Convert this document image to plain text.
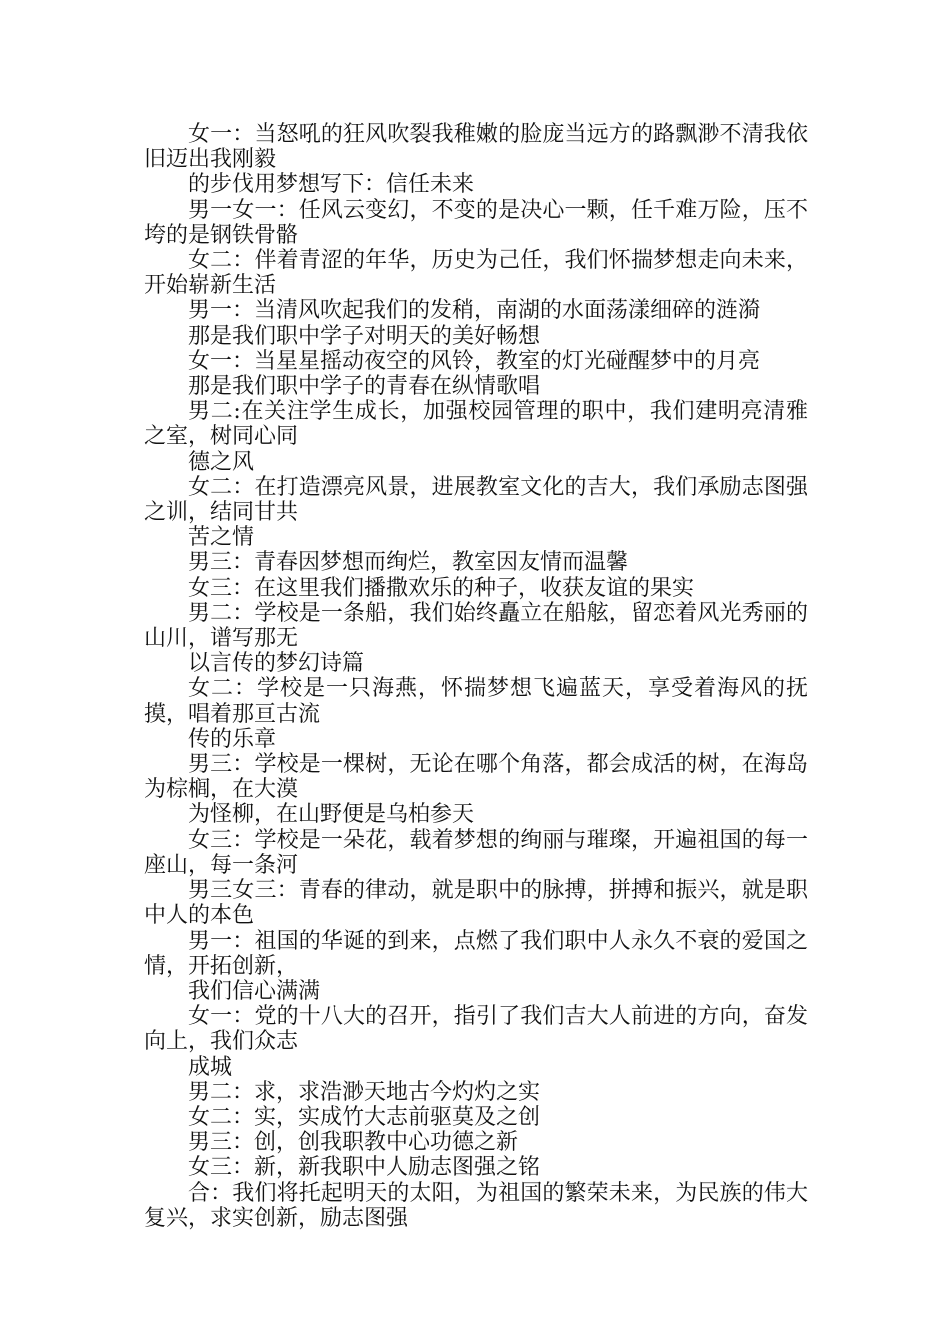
女一：当怒吼的狂风吹裂我稚嫩的脸庞当远方的路飘渺不清我依旧迈出我刚毅

的步伐用梦想写下：信任未来

男一女一：任风云变幻，不变的是决心一颗，任千难万险，压不垮的是钢铁骨骼

女二：伴着青涩的年华，历史为己任，我们怀揣梦想走向未来，开始崭新生活

男一：当清风吹起我们的发稍，南湖的水面荡漾细碎的涟漪

那是我们职中学子对明天的美好畅想

女一：当星星摇动夜空的风铃，教室的灯光碰醒梦中的月亮

那是我们职中学子的青春在纵情歌唱

男二:在关注学生成长，加强校园管理的职中，我们建明亮清雅之室，树同心同

德之风

女二：在打造漂亮风景，进展教室文化的吉大，我们承励志图强之训，结同甘共

苦之情

男三：青春因梦想而绚烂，教室因友情而温馨

女三：在这里我们播撒欢乐的种子，收获友谊的果实

男二：学校是一条船，我们始终矗立在船舷，留恋着风光秀丽的山川，谱写那无

以言传的梦幻诗篇

女二：学校是一只海燕，怀揣梦想飞遍蓝天，享受着海风的抚摸，唱着那亘古流

传的乐章

男三：学校是一棵树，无论在哪个角落，都会成活的树，在海岛为棕榈，在大漠

为怪柳，在山野便是乌柏参天

女三：学校是一朵花，载着梦想的绚丽与璀璨，开遍祖国的每一座山，每一条河

男三女三：青春的律动，就是职中的脉搏，拼搏和振兴，就是职中人的本色

男一：祖国的华诞的到来，点燃了我们职中人永久不衰的爱国之情，开拓创新，

我们信心满满

女一：党的十八大的召开，指引了我们吉大人前进的方向，奋发向上，我们众志

成城

男二：求，求浩渺天地古今灼灼之实

女二：实，实成竹大志前驱莫及之创

男三：创，创我职教中心功德之新

女三：新，新我职中人励志图强之铭

合：我们将托起明天的太阳，为祖国的繁荣未来，为民族的伟大复兴，求实创新，励志图强
